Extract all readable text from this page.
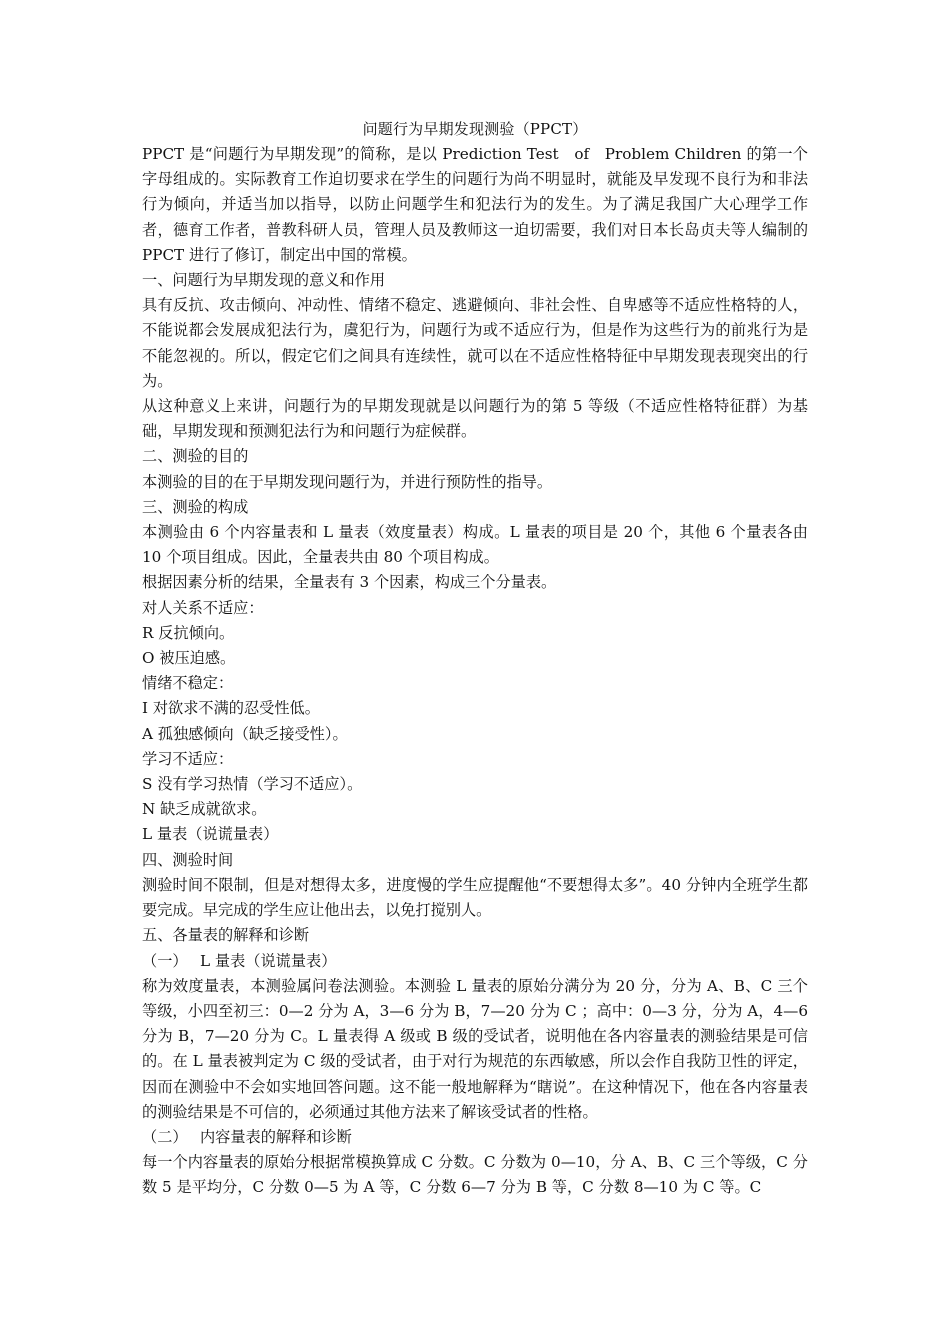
问题行为早期发现测验（PPCT）

PPCT 是“问题行为早期发现”的简称，是以 Prediction Test　of　Problem Children 的第一个字母组成的。实际教育工作迫切要求在学生的问题行为尚不明显时，就能及早发现不良行为和非法行为倾向，并适当加以指导，以防止问题学生和犯法行为的发生。为了满足我国广大心理学工作者，德育工作者，普教科研人员，管理人员及教师这一迫切需要，我们对日本长岛贞夫等人编制的 PPCT 进行了修订，制定出中国的常模。

一、问题行为早期发现的意义和作用

具有反抗、攻击倾向、冲动性、情绪不稳定、逃避倾向、非社会性、自卑感等不适应性格特的人，不能说都会发展成犯法行为，虞犯行为，问题行为或不适应行为，但是作为这些行为的前兆行为是不能忽视的。所以，假定它们之间具有连续性，就可以在不适应性格特征中早期发现表现突出的行为。

从这种意义上来讲，问题行为的早期发现就是以问题行为的第 5 等级（不适应性格特征群）为基础，早期发现和预测犯法行为和问题行为症候群。

二、测验的目的

本测验的目的在于早期发现问题行为，并进行预防性的指导。

三、测验的构成

本测验由 6 个内容量表和 L 量表（效度量表）构成。L 量表的项目是 20 个，其他 6 个量表各由 10 个项目组成。因此，全量表共由 80 个项目构成。

根据因素分析的结果，全量表有 3 个因素，构成三个分量表。

对人关系不适应：

R 反抗倾向。

O 被压迫感。

情绪不稳定：

I 对欲求不满的忍受性低。

A 孤独感倾向（缺乏接受性）。

学习不适应：

S 没有学习热情（学习不适应）。

N 缺乏成就欲求。

L 量表（说谎量表）

四、测验时间

测验时间不限制，但是对想得太多，进度慢的学生应提醒他“不要想得太多”。40 分钟内全班学生都要完成。早完成的学生应让他出去，以免打搅别人。

五、各量表的解释和诊断

（一）　 L 量表（说谎量表）

称为效度量表，本测验属问卷法测验。本测验 L 量表的原始分满分为 20 分，分为 A、B、C 三个等级，小四至初三：0—2 分为 A，3—6 分为 B，7—20 分为 C ；高中：0—3 分，分为 A，4—6 分为 B，7—20 分为 C。L 量表得 A 级或 B 级的受试者，说明他在各内容量表的测验结果是可信的。在 L 量表被判定为 C 级的受试者，由于对行为规范的东西敏感，所以会作自我防卫性的评定，因而在测验中不会如实地回答问题。这不能一般地解释为“瞎说”。在这种情况下，他在各内容量表的测验结果是不可信的，必须通过其他方法来了解该受试者的性格。

（二）　 内容量表的解释和诊断

每一个内容量表的原始分根据常模换算成 C 分数。C 分数为 0—10，分 A、B、C 三个等级，C 分数 5 是平均分，C 分数 0—5 为 A 等，C 分数 6—7 分为 B 等，C 分数 8—10 为 C 等。C
